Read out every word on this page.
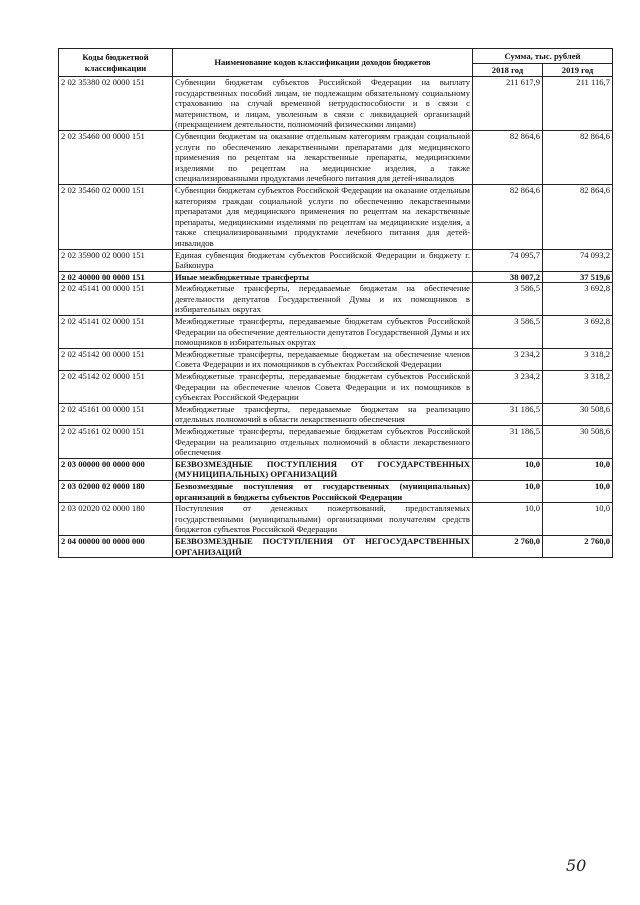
Коды бюджетной классификации	Наименование кодов классификации доходов бюджетов	Сумма, тыс. рублей	
		2018 год	2019 год
2 02 35380 02 0000 151	Субвенции бюджетам субъектов Российской Федерации на выплату государственных пособий лицам, не подлежащим обязательному социальному страхованию на случай временной нетрудоспособности и в связи с материнством, и лицам, уволенным в связи с ликвидацией организаций (прекращением деятельности, полномочий физическими лицами)	211 617,9	211 116,7
2 02 35460 00 0000 151	Субвенции бюджетам на оказание отдельным категориям граждан социальной услуги по обеспечению лекарственными препаратами для медицинского применения по рецептам на лекарственные препараты, медицинскими изделиями по рецептам на медицинские изделия, а также специализированными продуктами лечебного питания для детей-инвалидов	82 864,6	82 864,6
2 02 35460 02 0000 151	Субвенции бюджетам субъектов Российской Федерации на оказание отдельным категориям граждан социальной услуги по обеспечению лекарственными препаратами для медицинского применения по рецептам на лекарственные препараты, медицинскими изделиями по рецептам на медицинские изделия, а также специализированными продуктами лечебного питания для детей-инвалидов	82 864,6	82 864,6
2 02 35900 02 0000 151	Единая субвенция бюджетам субъектов Российской Федерации и бюджету г. Байконура	74 095,7	74 093,2
2 02 40000 00 0000 151	Иные межбюджетные трансферты	38 007,2	37 519,6
2 02 45141 00 0000 151	Межбюджетные трансферты, передаваемые бюджетам на обеспечение деятельности депутатов Государственной Думы и их помощников в избирательных округах	3 586,5	3 692,8
2 02 45141 02 0000 151	Межбюджетные трансферты, передаваемые бюджетам субъектов Российской Федерации на обеспечение деятельности депутатов Государственной Думы и их помощников в избирательных округах	3 586,5	3 692,8
2 02 45142 00 0000 151	Межбюджетные трансферты, передаваемые бюджетам на обеспечение членов Совета Федерации и их помощников в субъектах Российской Федерации	3 234,2	3 318,2
2 02 45142 02 0000 151	Межбюджетные трансферты, передаваемые бюджетам субъектов Российской Федерации на обеспечение членов Совета Федерации и их помощников в субъектах Российской Федерации	3 234,2	3 318,2
2 02 45161 00 0000 151	Межбюджетные трансферты, передаваемые бюджетам на реализацию отдельных полномочий в области лекарственного обеспечения	31 186,5	30 508,6
2 02 45161 02 0000 151	Межбюджетные трансферты, передаваемые бюджетам субъектов Российской Федерации на реализацию отдельных полномочий в области лекарственного обеспечения	31 186,5	30 508,6
2 03 00000 00 0000 000	БЕЗВОЗМЕЗДНЫЕ ПОСТУПЛЕНИЯ ОТ ГОСУДАРСТВЕННЫХ (МУНИЦИПАЛЬНЫХ) ОРГАНИЗАЦИЙ	10,0	10,0
2 03 02000 02 0000 180	Безвозмездные поступления от государственных (муниципальных) организаций в бюджеты субъектов Российской Федерации	10,0	10,0
2 03 02020 02 0000 180	Поступления от денежных пожертвований, предоставляемых государственными (муниципальными) организациями получателям средств бюджетов субъектов Российской Федерации	10,0	10,0
2 04 00000 00 0000 000	БЕЗВОЗМЕЗДНЫЕ ПОСТУПЛЕНИЯ ОТ НЕГОСУДАРСТВЕННЫХ ОРГАНИЗАЦИЙ	2 760,0	2 760,0
50
